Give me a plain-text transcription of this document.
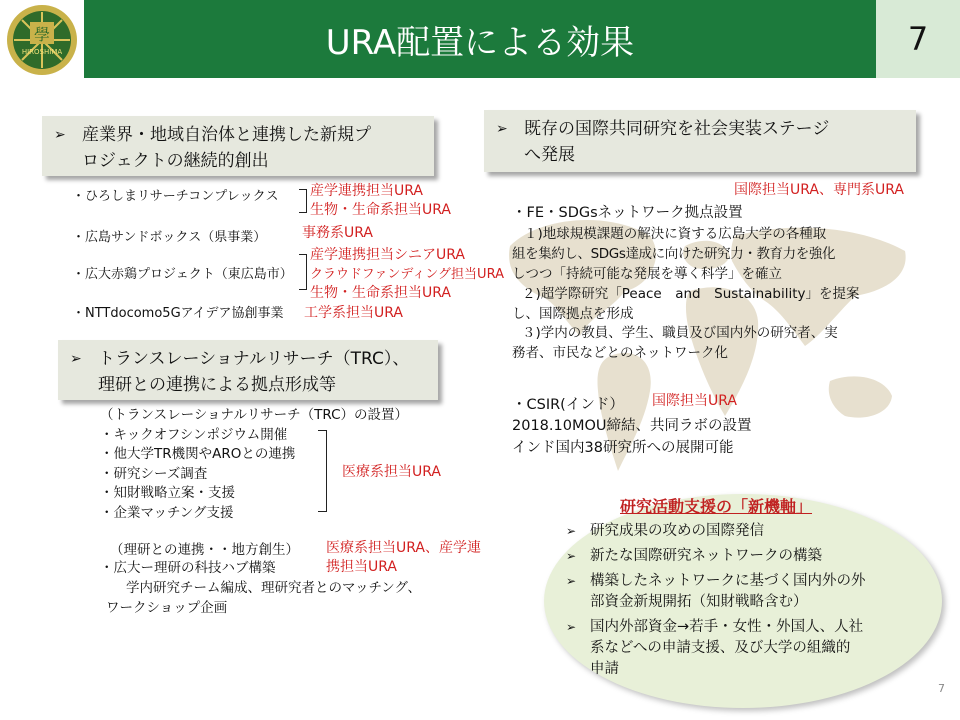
學
HIROSHIMA	URA配置による効果	7
➢ 産業界・地域自治体と連携した新規プ
ロジェクトの継続的創出
・ひろしまリサーチコンプレックス 産学連携担当URA
生物・生命系担当URA
・広島サンドボックス（県事業）	事務系URA
・広大赤鶏プロジェクト（東広島市）
産学連携担当シニアURA
クラウドファンディング担当URA
生物・生命系担当URA
・NTTdocomo5Gアイデア協創事業 工学系担当URA
➢ トランスレーショナルリサーチ（TRC）、
理研との連携による拠点形成等
（トランスレーショナルリサーチ（TRC）の設置）
・キックオフシンポジウム開催
・他大学TR機関やAROとの連携
・研究シーズ調査
・知財戦略立案・支援
・企業マッチング支援
医療系担当URA
（理研との連携・・地方創生）
・広大ー理研の科技ハブ構築
学内研究チーム編成、理研究者とのマッチング、
ワークショップ企画
医療系担当URA、産学連
携担当URA
➢ 既存の国際共同研究を社会実装ステージ
へ発展
国際担当URA、専門系URA
・FE・SDGsネットワーク拠点設置
１)地球規模課題の解決に資する広島大学の各種取
組を集約し、SDGs達成に向けた研究力・教育力を強化
しつつ「持続可能な発展を導く科学」を確立
２)超学際研究「Peace　and　Sustainability」を提案
し、国際拠点を形成
３)学内の教員、学生、職員及び国内外の研究者、実
務者、市民などとのネットワーク化
・CSIR(インド） 国際担当URA
2018.10MOU締結、共同ラボの設置
インド国内38研究所への展開可能
研究活動支援の「新機軸」
➢ 研究成果の攻めの国際発信
➢ 新たな国際研究ネットワークの構築
➢ 構築したネットワークに基づく国内外の外
部資金新規開拓（知財戦略含む）
➢ 国内外部資金→若手・女性・外国人、人社
系などへの申請支援、及び大学の組織的
申請
7
